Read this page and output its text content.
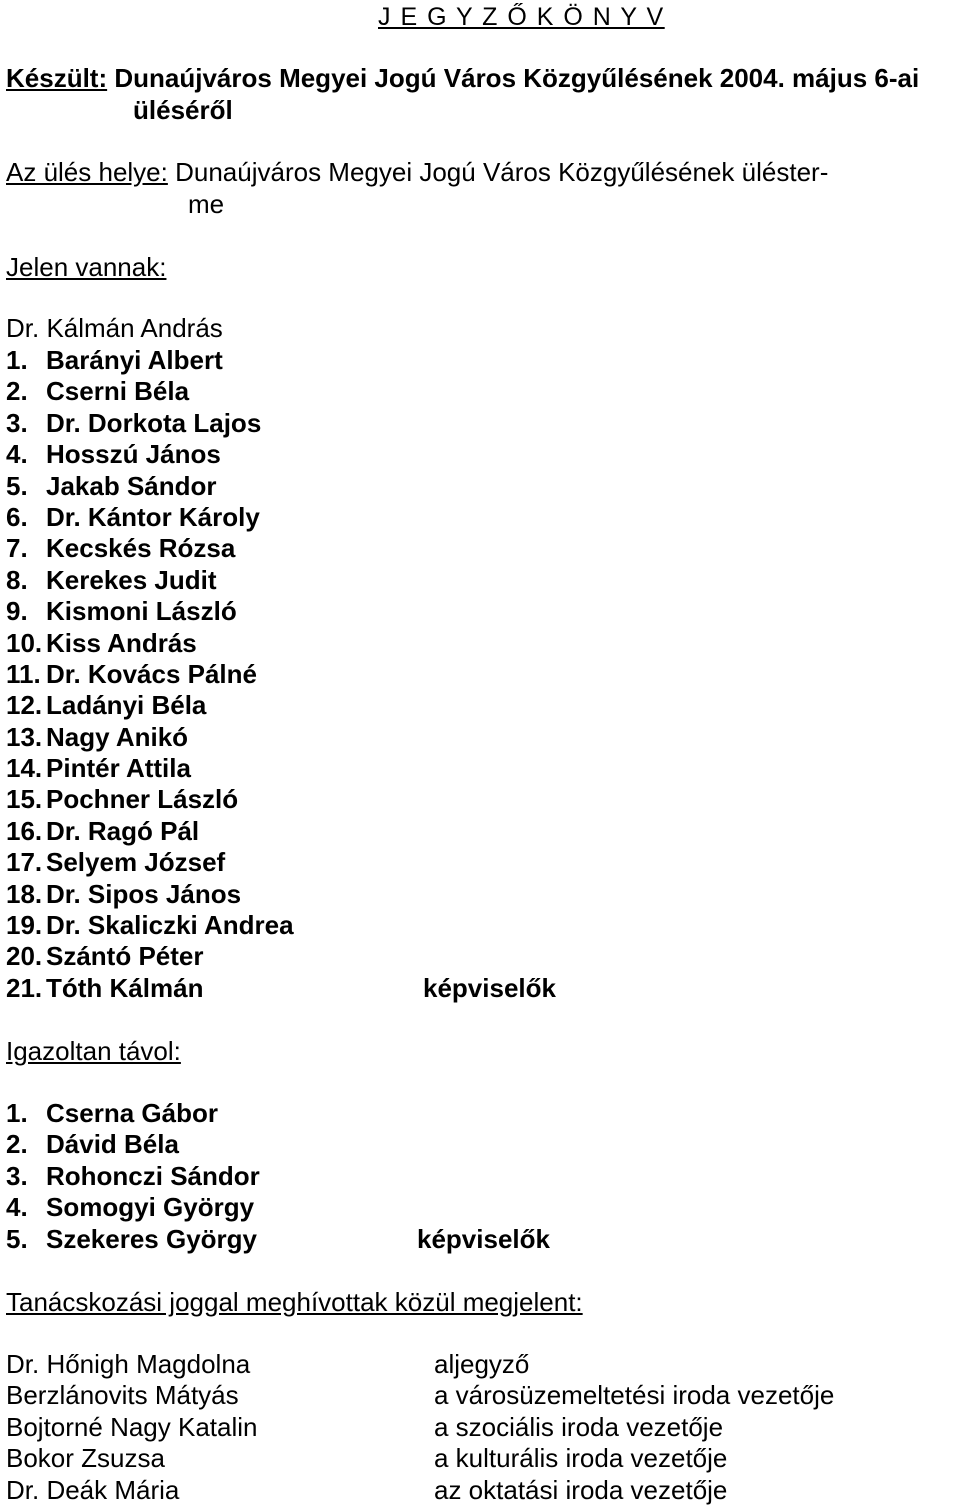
J E G Y Z Ő K Ö N Y V
Készült: Dunaújváros Megyei Jogú Város Közgyűlésének 2004. május 6-ai
üléséről
Az ülés helye: Dunaújváros Megyei Jogú Város Közgyűlésének üléster-
me
Jelen vannak:
Dr. Kálmán András
1. Barányi Albert
2. Cserni Béla
3. Dr. Dorkota Lajos
4. Hosszú János
5. Jakab Sándor
6. Dr. Kántor Károly
7. Kecskés Rózsa
8. Kerekes Judit
9. Kismoni László
10. Kiss András
11. Dr. Kovács Pálné
12. Ladányi Béla
13. Nagy Anikó
14. Pintér Attila
15. Pochner László
16. Dr. Ragó Pál
17. Selyem József
18. Dr. Sipos János
19. Dr. Skaliczki Andrea
20. Szántó Péter
21. Tóth Kálmán	képviselők
Igazoltan távol:
1. Cserna Gábor
2. Dávid Béla
3. Rohonczi Sándor
4. Somogyi György
5. Szekeres György	képviselők
Tanácskozási joggal meghívottak közül megjelent:
Dr. Hőnigh Magdolna	aljegyző
Berzlánovits Mátyás	a városüzemeltetési iroda vezetője
Bojtorné Nagy Katalin	a szociális iroda vezetője
Bokor Zsuzsa	a kulturális iroda vezetője
Dr. Deák Mária	az oktatási iroda vezetője
